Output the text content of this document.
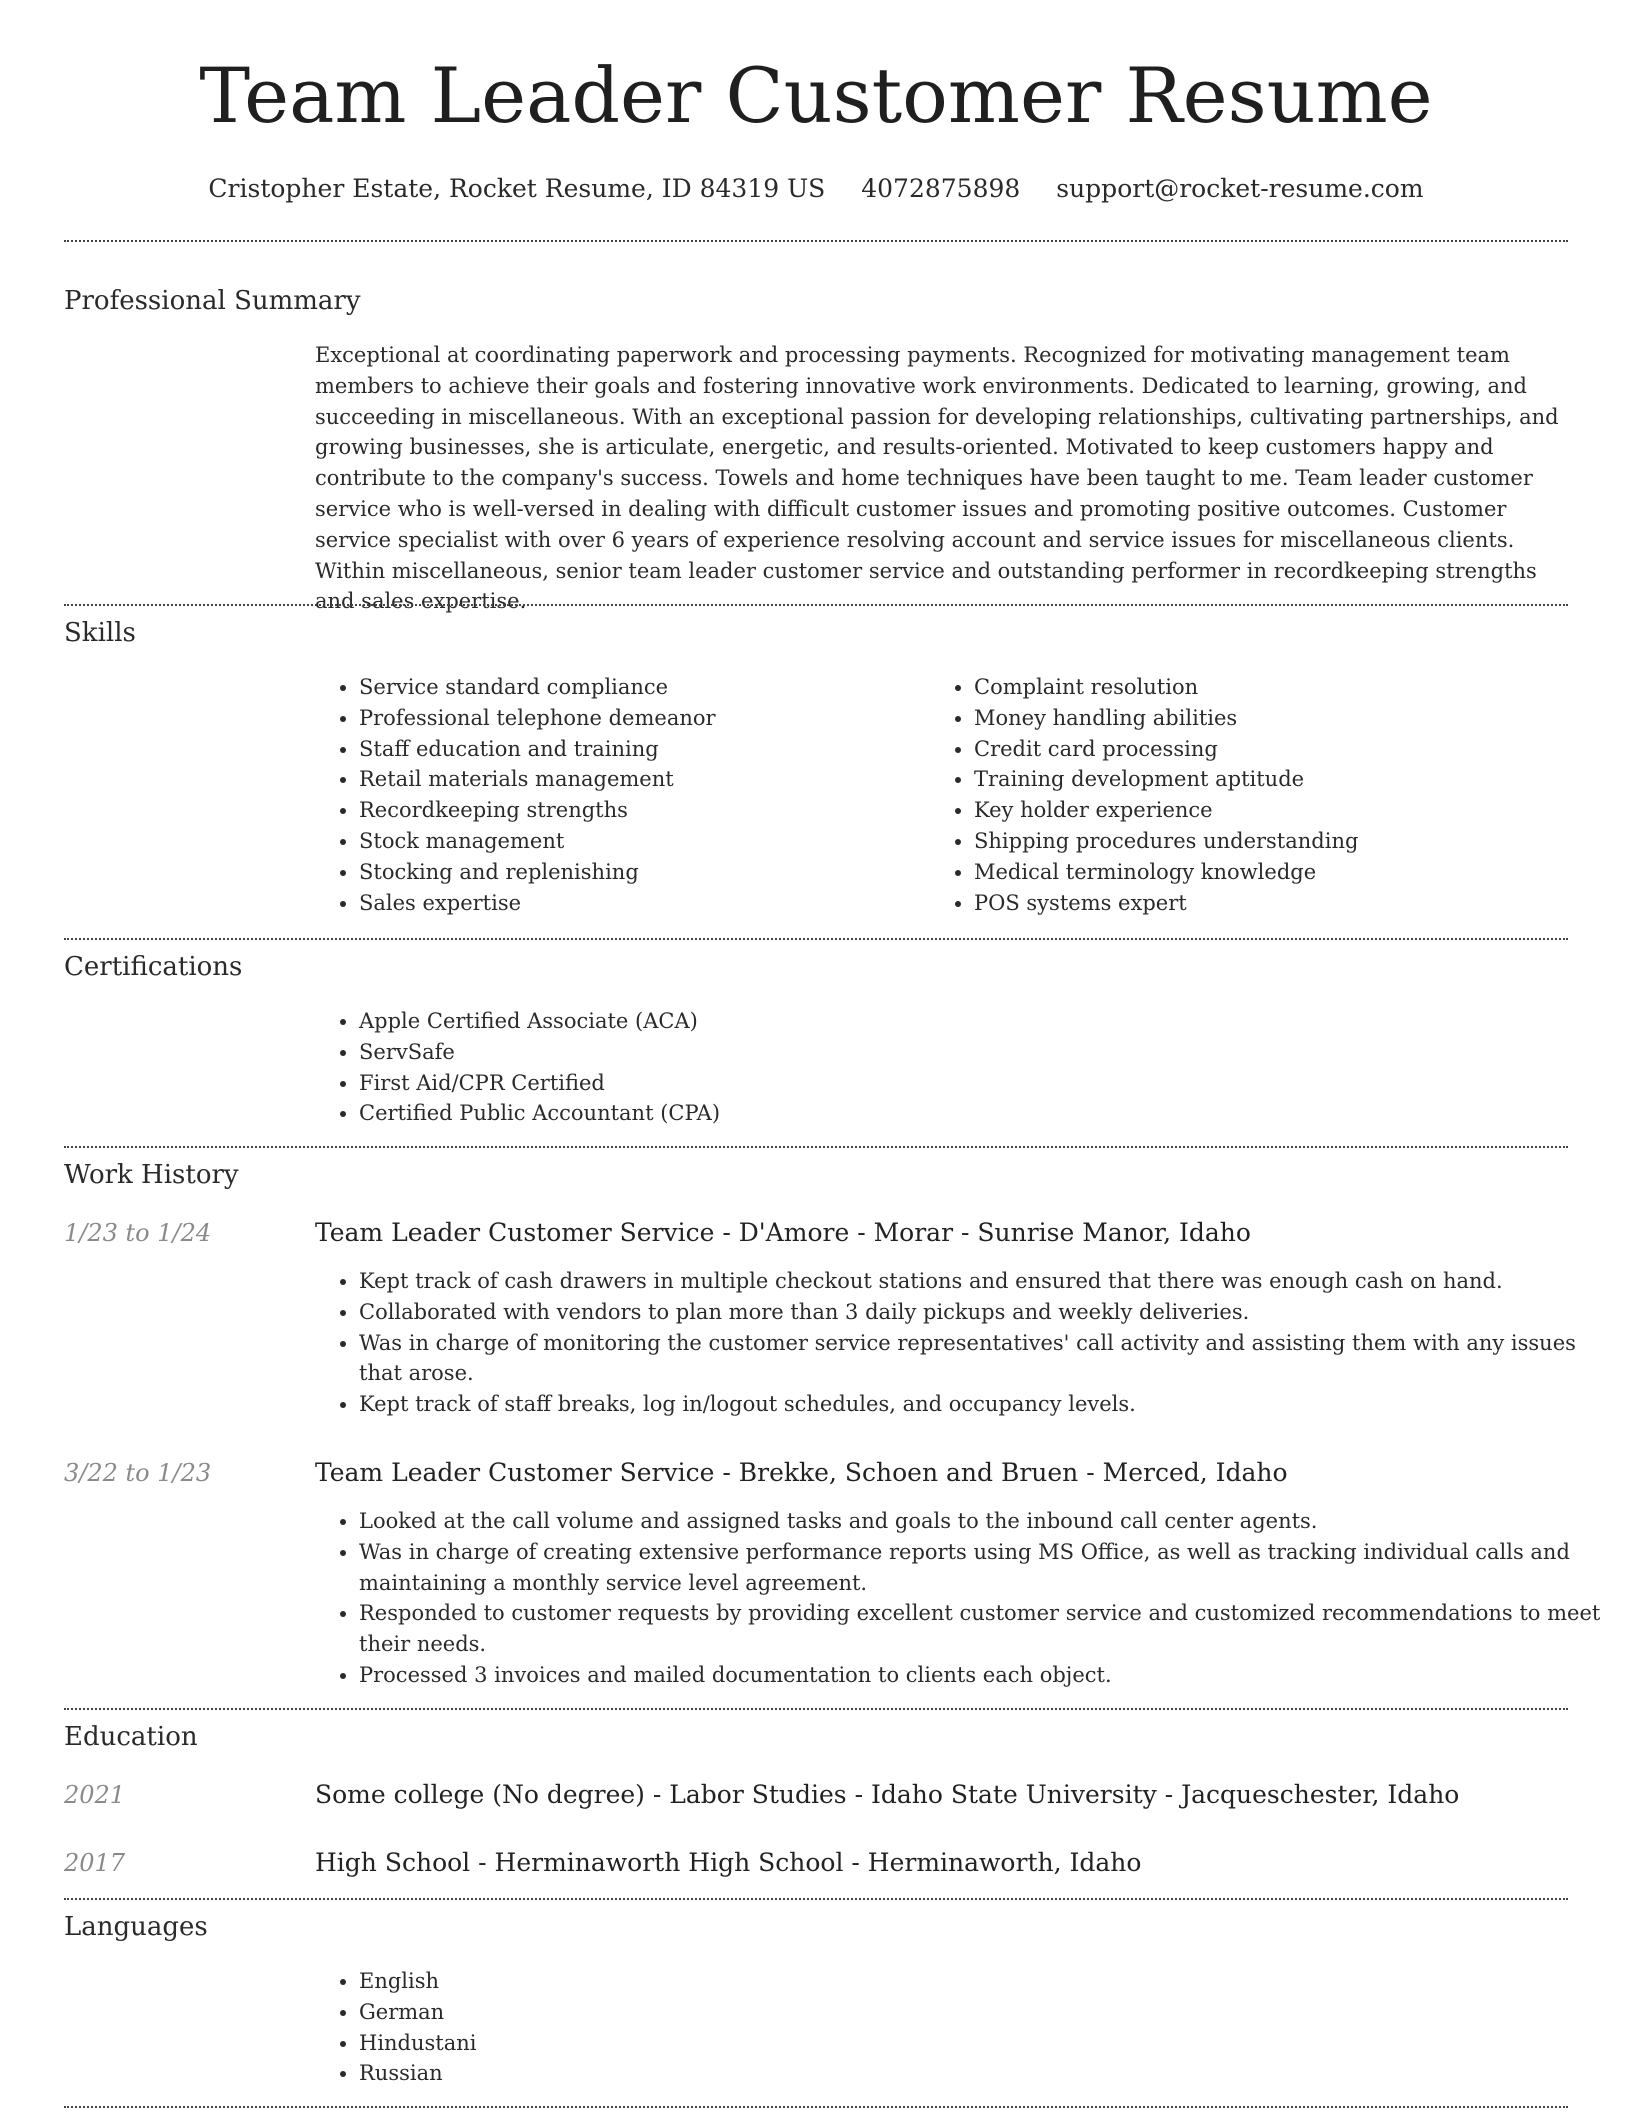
Team Leader Customer Resume
Cristopher Estate, Rocket Resume, ID 84319 US 4072875898 support@rocket-resume.com
Professional Summary

Exceptional at coordinating paperwork and processing payments. Recognized for motivating management team members to achieve their goals and fostering innovative work environments. Dedicated to learning, growing, and succeeding in miscellaneous. With an exceptional passion for developing relationships, cultivating partnerships, and growing businesses, she is articulate, energetic, and results-oriented. Motivated to keep customers happy and contribute to the company's success. Towels and home techniques have been taught to me. Team leader customer service who is well-versed in dealing with difficult customer issues and promoting positive outcomes. Customer service specialist with over 6 years of experience resolving account and service issues for miscellaneous clients. Within miscellaneous, senior team leader customer service and outstanding performer in recordkeeping strengths and sales expertise.

Skills
• Service standard compliance
• Professional telephone demeanor
• Staff education and training
• Retail materials management
• Recordkeeping strengths
• Stock management
• Stocking and replenishing
• Sales expertise
• Complaint resolution
• Money handling abilities
• Credit card processing
• Training development aptitude
• Key holder experience
• Shipping procedures understanding
• Medical terminology knowledge
• POS systems expert
Certifications
• Apple Certified Associate (ACA)
• ServSafe
• First Aid/CPR Certified
• Certified Public Accountant (CPA)
Work History
1/23 to 1/24	Team Leader Customer Service - D'Amore - Morar - Sunrise Manor, Idaho
• Kept track of cash drawers in multiple checkout stations and ensured that there was enough cash on hand.
• Collaborated with vendors to plan more than 3 daily pickups and weekly deliveries.
• Was in charge of monitoring the customer service representatives' call activity and assisting them with any issues that arose.
• Kept track of staff breaks, log in/logout schedules, and occupancy levels.
3/22 to 1/23	Team Leader Customer Service - Brekke, Schoen and Bruen - Merced, Idaho
• Looked at the call volume and assigned tasks and goals to the inbound call center agents.
• Was in charge of creating extensive performance reports using MS Office, as well as tracking individual calls and maintaining a monthly service level agreement.
• Responded to customer requests by providing excellent customer service and customized recommendations to meet their needs.
• Processed 3 invoices and mailed documentation to clients each object.
Education
2021	Some college (No degree) - Labor Studies - Idaho State University - Jacqueschester, Idaho
2017	High School - Herminaworth High School - Herminaworth, Idaho
Languages
• English
• German
• Hindustani
• Russian
